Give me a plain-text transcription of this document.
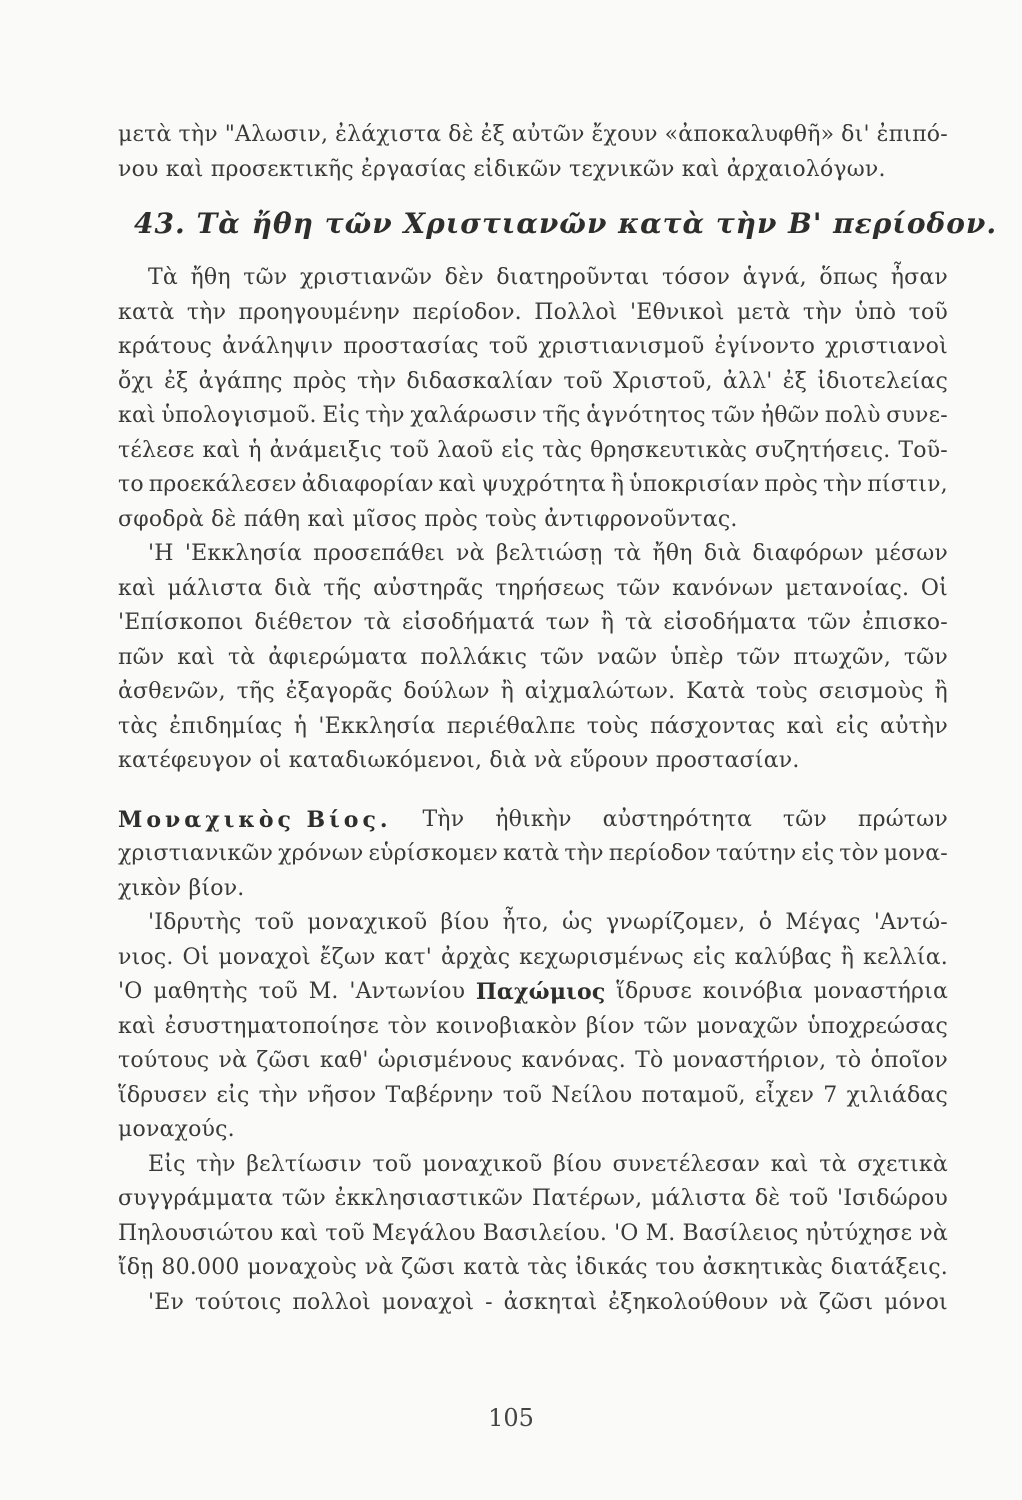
μετὰ τὴν "Αλωσιν, ἐλάχιστα δὲ ἐξ αὐτῶν ἔχουν «ἀποκαλυφθῆ» δι' ἐπιπό-
νου καὶ προσεκτικῆς ἐργασίας εἰδικῶν τεχνικῶν καὶ ἀρχαιολόγων.
43. Τὰ ἤθη τῶν Χριστιανῶν κατὰ τὴν Β' περίοδον.
Τὰ ἤθη τῶν χριστιανῶν δὲν διατηροῦνται τόσον ἁγνά, ὅπως ἦσαν
κατὰ τὴν προηγουμένην περίοδον. Πολλοὶ 'Εθνικοὶ μετὰ τὴν ὑπὸ τοῦ
κράτους ἀνάληψιν προστασίας τοῦ χριστιανισμοῦ ἐγίνοντο χριστιανοὶ
ὄχι ἐξ ἀγάπης πρὸς τὴν διδασκαλίαν τοῦ Χριστοῦ, ἀλλ' ἐξ ἰδιοτελείας
καὶ ὑπολογισμοῦ. Εἰς τὴν χαλάρωσιν τῆς ἁγνότητος τῶν ἠθῶν πολὺ συνε-
τέλεσε καὶ ἡ ἀνάμειξις τοῦ λαοῦ εἰς τὰς θρησκευτικὰς συζητήσεις. Τοῦ-
το προεκάλεσεν ἀδιαφορίαν καὶ ψυχρότητα ἢ ὑποκρισίαν πρὸς τὴν πίστιν,
σφοδρὰ δὲ πάθη καὶ μῖσος πρὸς τοὺς ἀντιφρονοῦντας.
'Η 'Εκκλησία προσεπάθει νὰ βελτιώσῃ τὰ ἤθη διὰ διαφόρων μέσων
καὶ μάλιστα διὰ τῆς αὐστηρᾶς τηρήσεως τῶν κανόνων μετανοίας. Οἱ
'Επίσκοποι διέθετον τὰ εἰσοδήματά των ἢ τὰ εἰσοδήματα τῶν ἐπισκο-
πῶν καὶ τὰ ἀφιερώματα πολλάκις τῶν ναῶν ὑπὲρ τῶν πτωχῶν, τῶν
ἀσθενῶν, τῆς ἐξαγορᾶς δούλων ἢ αἰχμαλώτων. Κατὰ τοὺς σεισμοὺς ἢ
τὰς ἐπιδημίας ἡ 'Εκκλησία περιέθαλπε τοὺς πάσχοντας καὶ εἰς αὐτὴν
κατέφευγον οἱ καταδιωκόμενοι, διὰ νὰ εὕρουν προστασίαν.
Μοναχικὸς Βίος. Τὴν ἠθικὴν αὐστηρότητα τῶν πρώτων
χριστιανικῶν χρόνων εὑρίσκομεν κατὰ τὴν περίοδον ταύτην εἰς τὸν μονα-
χικὸν βίον.
'Ιδρυτὴς τοῦ μοναχικοῦ βίου ἦτο, ὡς γνωρίζομεν, ὁ Μέγας 'Αντώ-
νιος. Οἱ μοναχοὶ ἔζων κατ' ἀρχὰς κεχωρισμένως εἰς καλύβας ἢ κελλία.
'Ο μαθητὴς τοῦ Μ. 'Αντωνίου Παχώμιος ἵδρυσε κοινόβια μοναστήρια
καὶ ἐσυστηματοποίησε τὸν κοινοβιακὸν βίον τῶν μοναχῶν ὑποχρεώσας
τούτους νὰ ζῶσι καθ' ὡρισμένους κανόνας. Τὸ μοναστήριον, τὸ ὁποῖον
ἵδρυσεν εἰς τὴν νῆσον Ταβέρνην τοῦ Νείλου ποταμοῦ, εἶχεν 7 χιλιάδας
μοναχούς.
Εἰς τὴν βελτίωσιν τοῦ μοναχικοῦ βίου συνετέλεσαν καὶ τὰ σχετικὰ
συγγράμματα τῶν ἐκκλησιαστικῶν Πατέρων, μάλιστα δὲ τοῦ 'Ισιδώρου
Πηλουσιώτου καὶ τοῦ Μεγάλου Βασιλείου. 'Ο Μ. Βασίλειος ηὐτύχησε νὰ
ἴδῃ 80.000 μοναχοὺς νὰ ζῶσι κατὰ τὰς ἰδικάς του ἀσκητικὰς διατάξεις.
'Εν τούτοις πολλοὶ μοναχοὶ - ἀσκηταὶ ἐξηκολούθουν νὰ ζῶσι μόνοι
105
